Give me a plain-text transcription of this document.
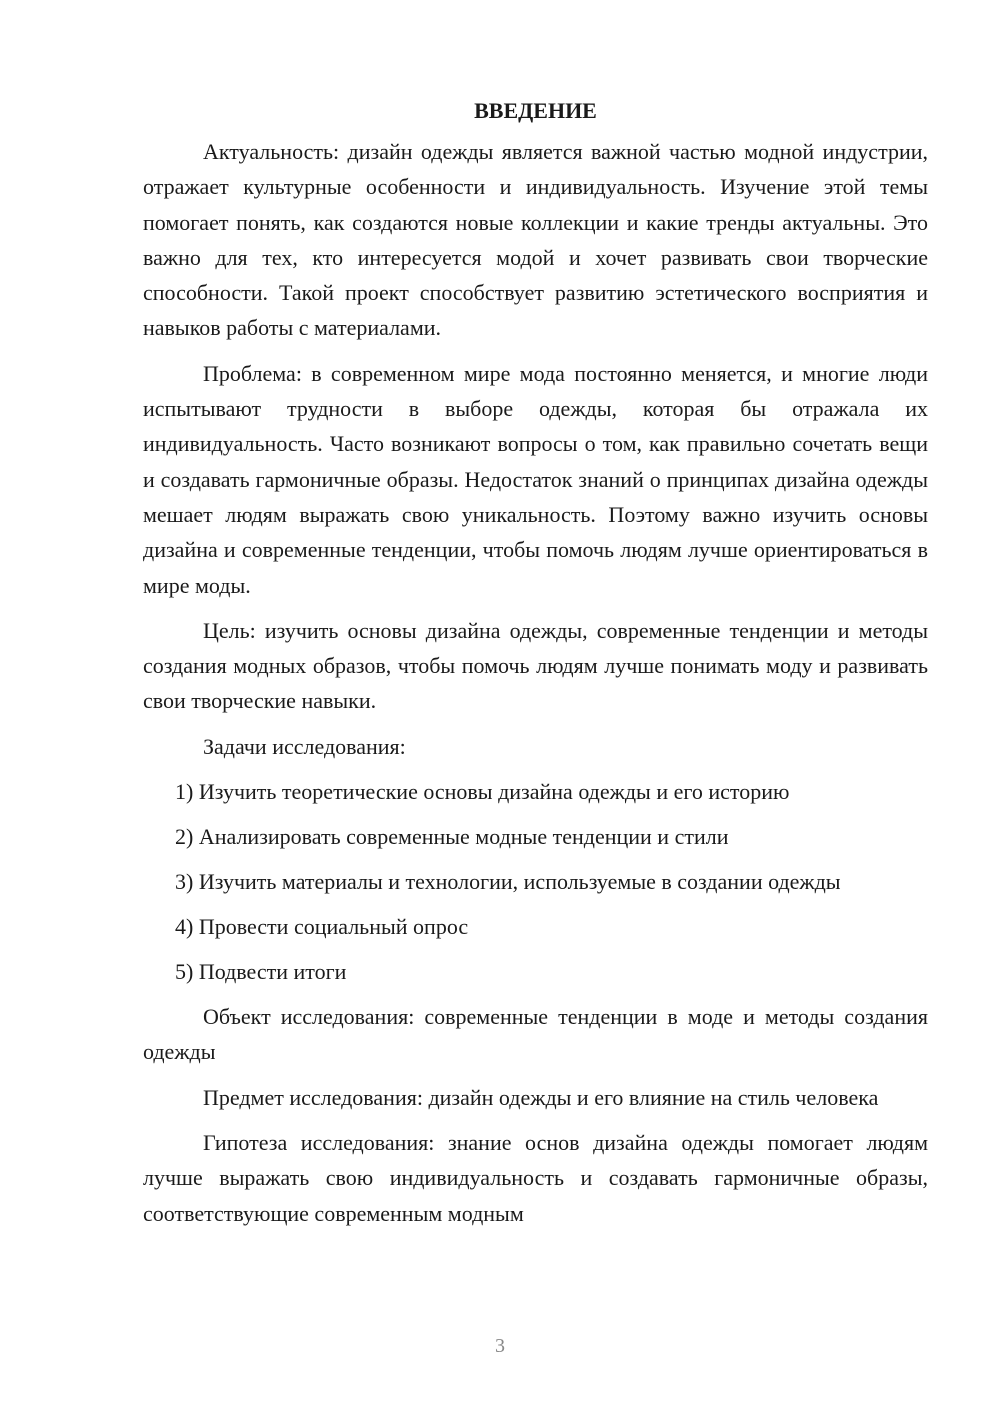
ВВЕДЕНИЕ

Актуальность: дизайн одежды является важной частью модной индустрии, отражает культурные особенности и индивидуальность. Изучение этой темы помогает понять, как создаются новые коллекции и какие тренды актуальны. Это важно для тех, кто интересуется модой и хочет развивать свои творческие способности. Такой проект способствует развитию эстетического восприятия и навыков работы с материалами.

Проблема: в современном мире мода постоянно меняется, и многие люди испытывают трудности в выборе одежды, которая бы отражала их индивидуальность. Часто возникают вопросы о том, как правильно сочетать вещи и создавать гармоничные образы. Недостаток знаний о принципах дизайна одежды мешает людям выражать свою уникальность. Поэтому важно изучить основы дизайна и современные тенденции, чтобы помочь людям лучше ориентироваться в мире моды.

Цель: изучить основы дизайна одежды, современные тенденции и методы создания модных образов, чтобы помочь людям лучше понимать моду и развивать свои творческие навыки.

Задачи исследования:

1) Изучить теоретические основы дизайна одежды и его историю

2) Анализировать современные модные тенденции и стили

3) Изучить материалы и технологии, используемые в создании одежды

4) Провести социальный опрос

5) Подвести итоги

Объект исследования: современные тенденции в моде и методы создания одежды

Предмет исследования: дизайн одежды и его влияние на стиль человека

Гипотеза исследования: знание основ дизайна одежды помогает людям лучше выражать свою индивидуальность и создавать гармоничные образы, соответствующие современным модным

3
